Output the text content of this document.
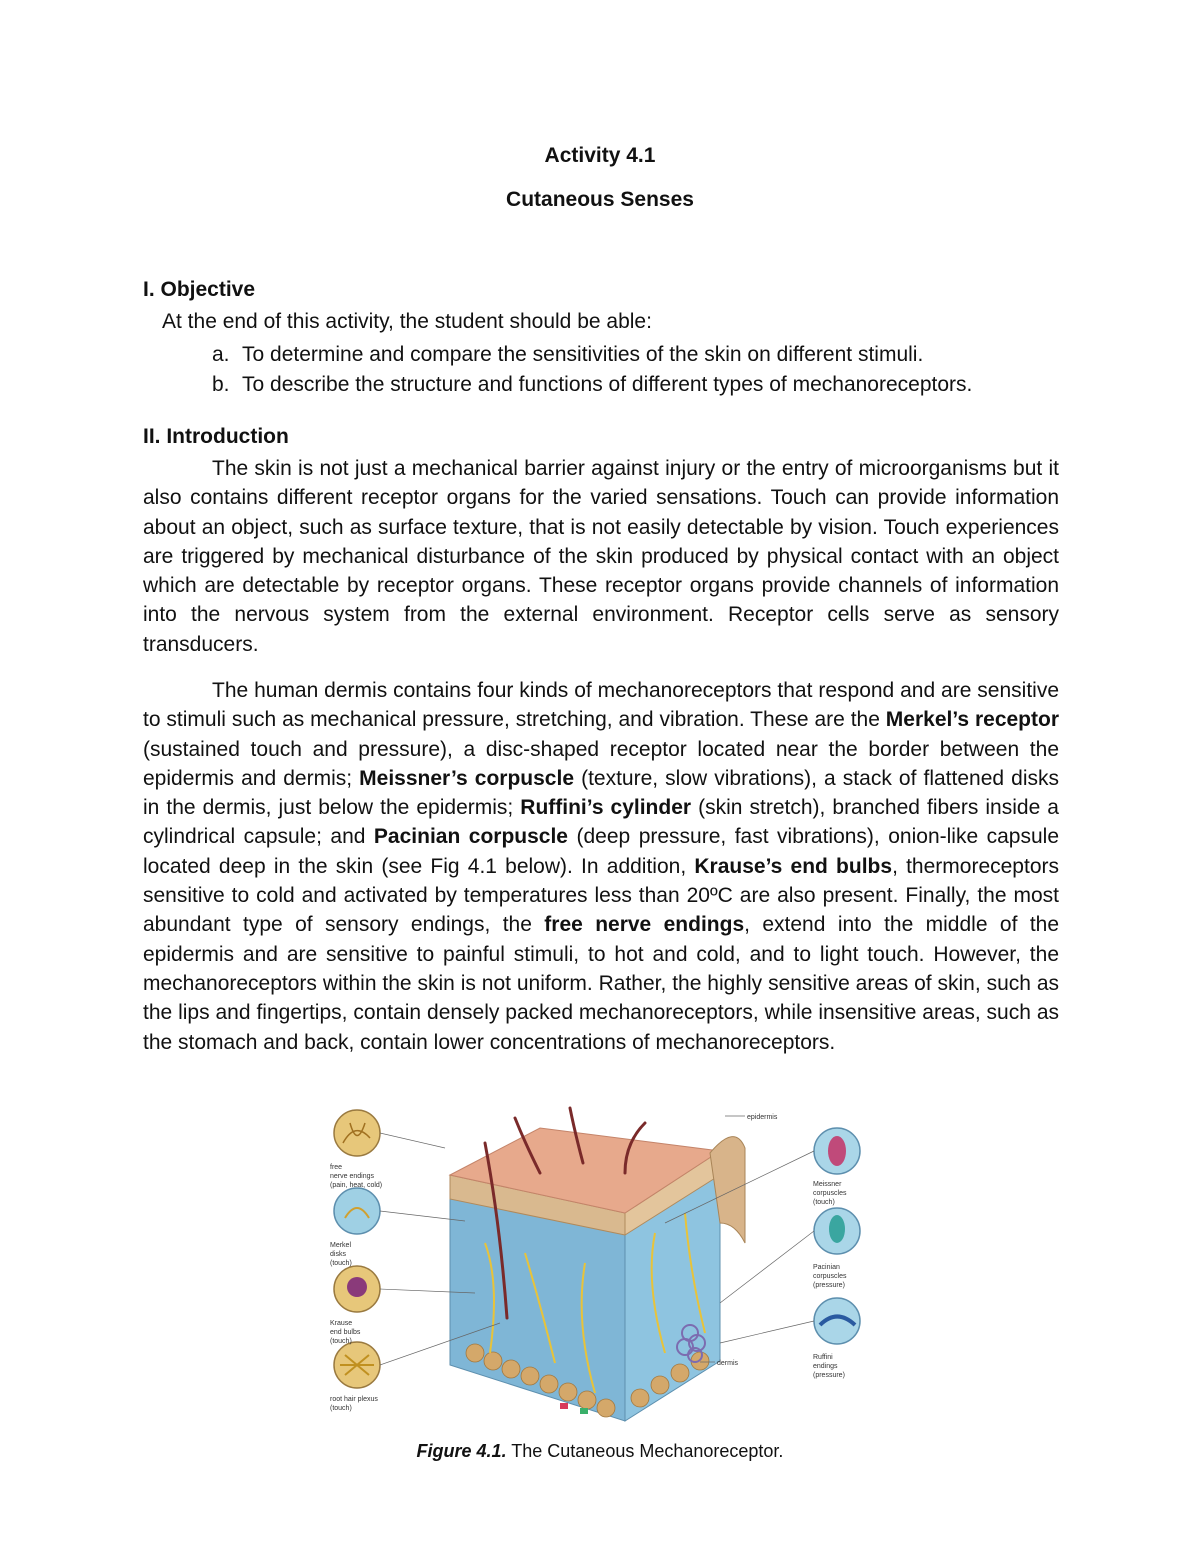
Activity 4.1
Cutaneous Senses
I. Objective
At the end of this activity, the student should be able:
a. To determine and compare the sensitivities of the skin on different stimuli.
b. To describe the structure and functions of different types of mechanoreceptors.
II. Introduction

The skin is not just a mechanical barrier against injury or the entry of microorganisms but it also contains different receptor organs for the varied sensations. Touch can provide information about an object, such as surface texture, that is not easily detectable by vision. Touch experiences are triggered by mechanical disturbance of the skin produced by physical contact with an object which are detectable by receptor organs. These receptor organs provide channels of information into the nervous system from the external environment. Receptor cells serve as sensory transducers.

The human dermis contains four kinds of mechanoreceptors that respond and are sensitive to stimuli such as mechanical pressure, stretching, and vibration. These are the Merkel’s receptor (sustained touch and pressure), a disc-shaped receptor located near the border between the epidermis and dermis; Meissner’s corpuscle (texture, slow vibrations), a stack of flattened disks in the dermis, just below the epidermis; Ruffini’s cylinder (skin stretch), branched fibers inside a cylindrical capsule; and Pacinian corpuscle (deep pressure, fast vibrations), onion-like capsule located deep in the skin (see Fig 4.1 below). In addition, Krause’s end bulbs, thermoreceptors sensitive to cold and activated by temperatures less than 20ºC are also present. Finally, the most abundant type of sensory endings, the free nerve endings, extend into the middle of the epidermis and are sensitive to painful stimuli, to hot and cold, and to light touch. However, the mechanoreceptors within the skin is not uniform. Rather, the highly sensitive areas of skin, such as the lips and fingertips, contain densely packed mechanoreceptors, while insensitive areas, such as the stomach and back, contain lower concentrations of mechanoreceptors.

epidermis
dermis
free
nerve endings
(pain, heat, cold)
Merkel
disks
(touch)
Krause
end bulbs
(touch)
root hair plexus
(touch)
Meissner
corpuscles
(touch)
Pacinian
corpuscles
(pressure)
Ruffini
endings
(pressure)
Figure 4.1. The Cutaneous Mechanoreceptor.
